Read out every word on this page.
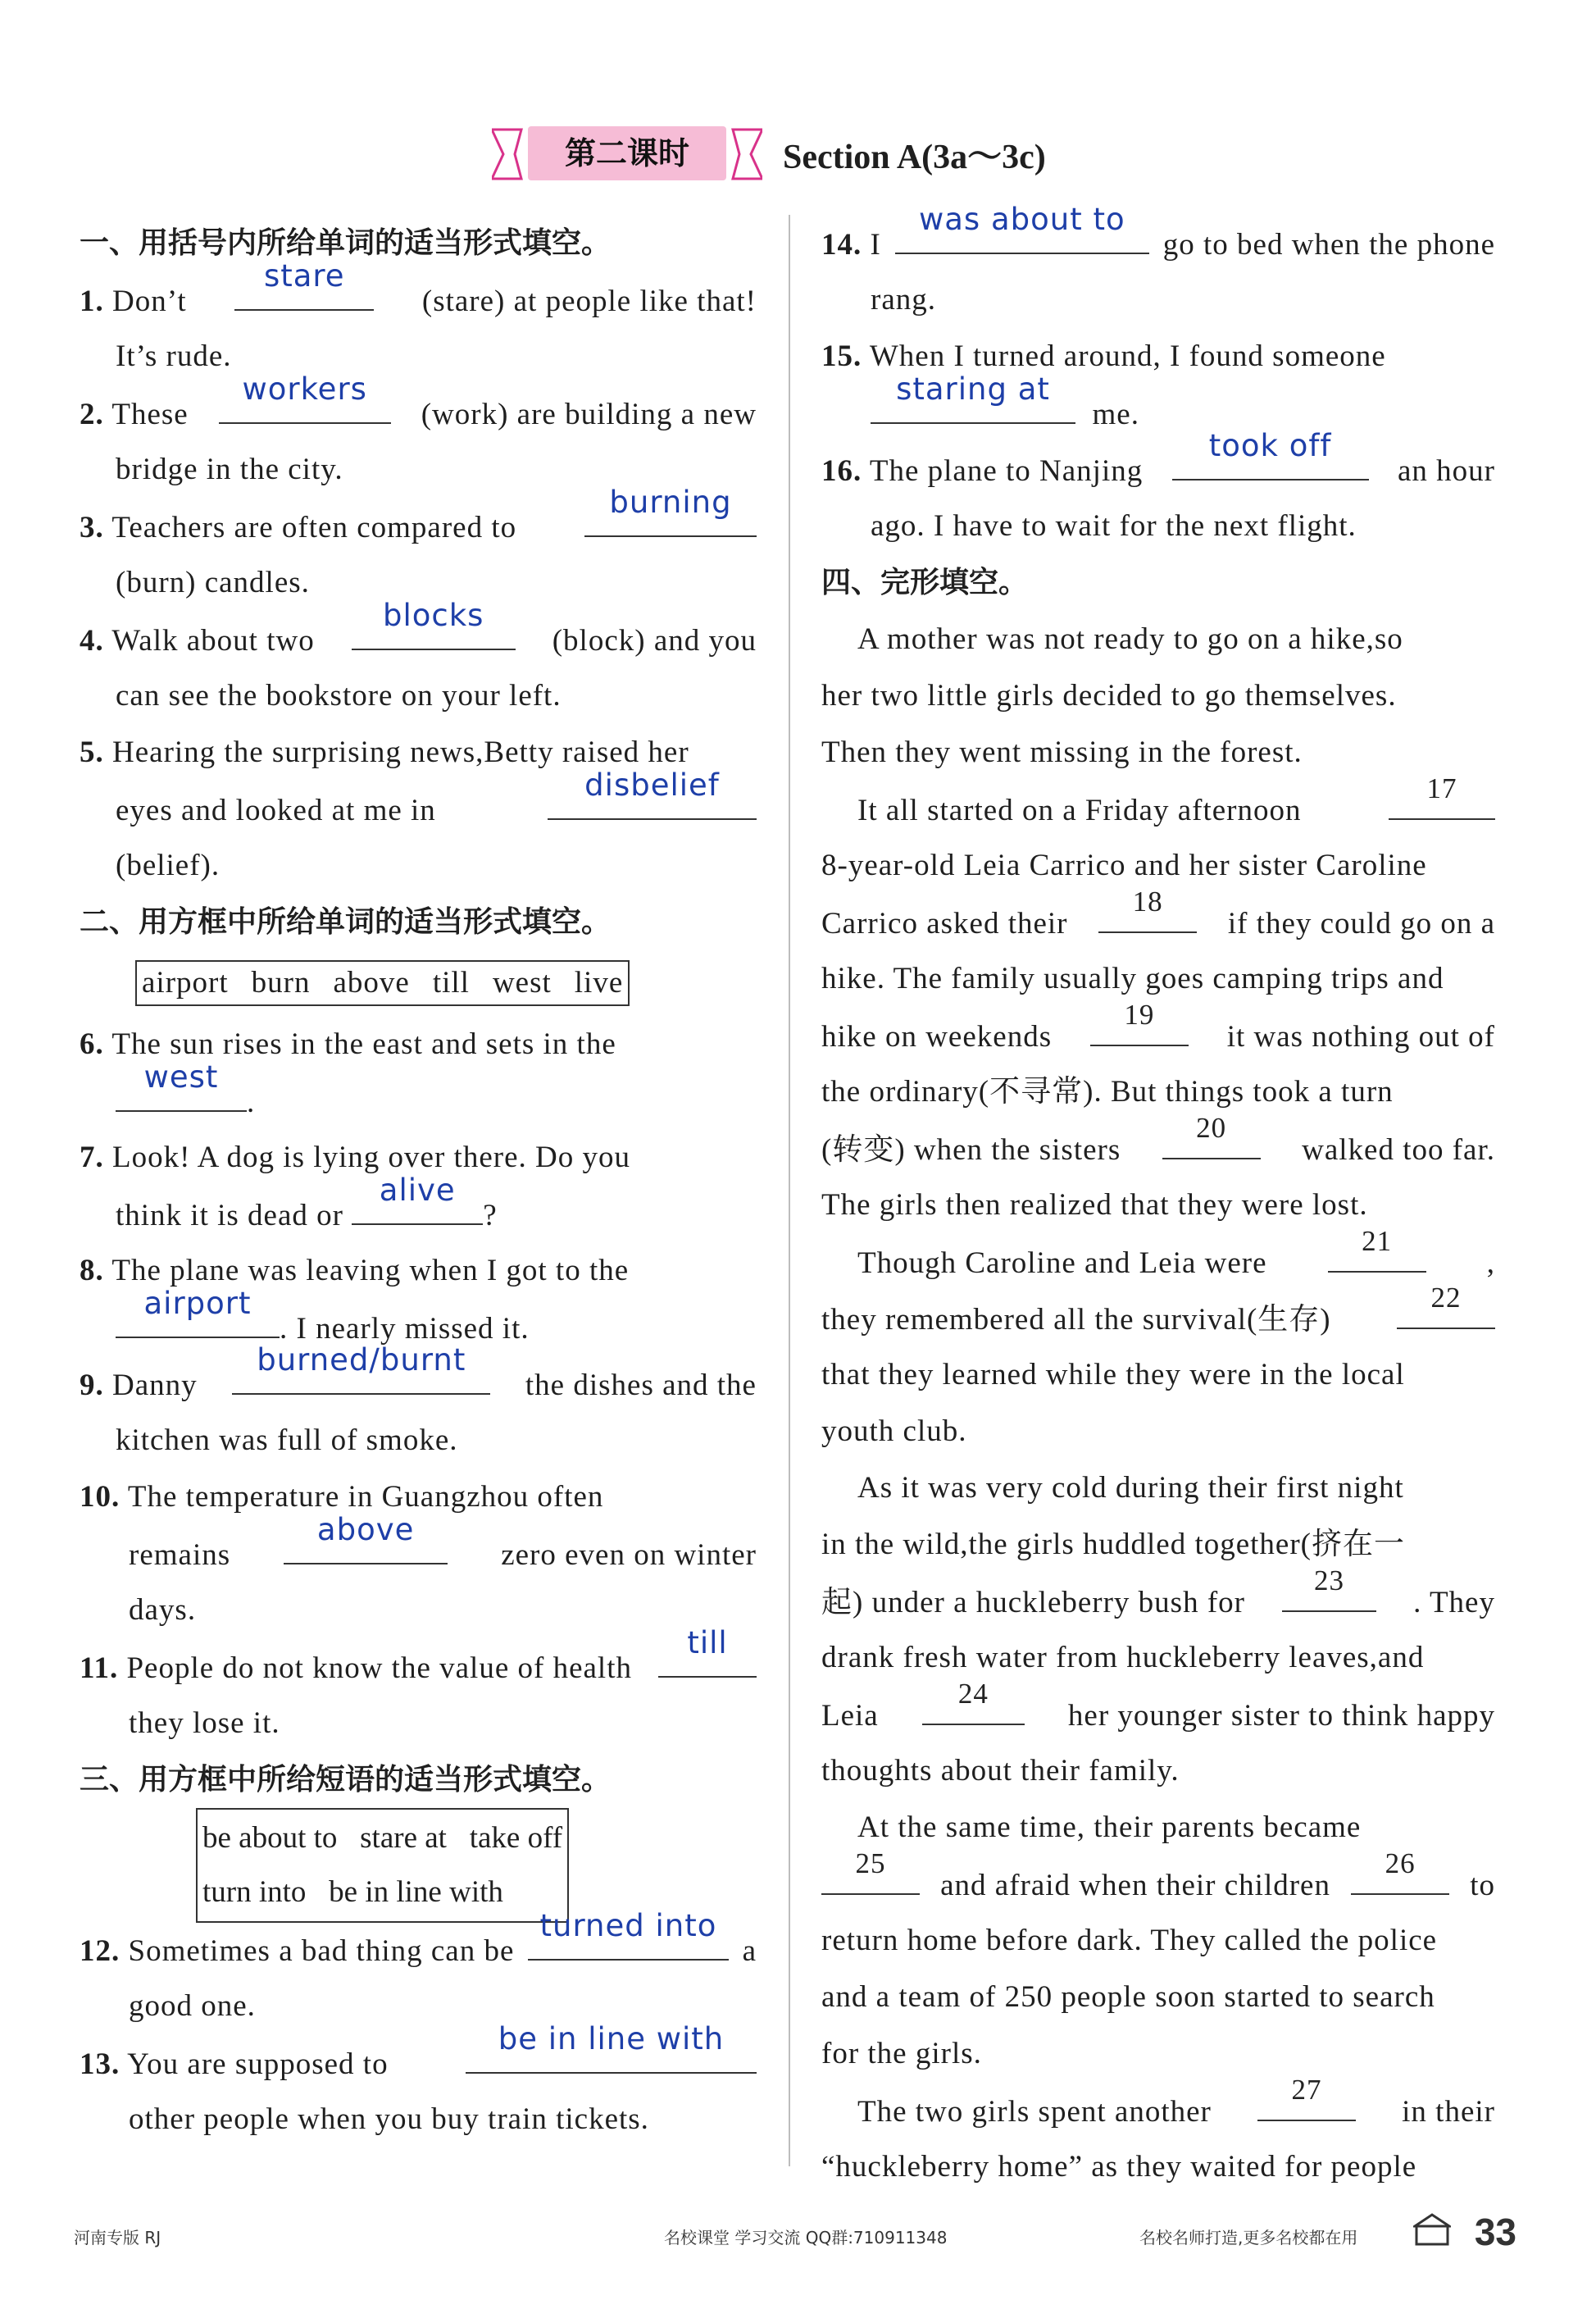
第二课时	Section A(3a～3c)
一、用括号内所给单词的适当形式填空。
1. Don’t
stare
(stare) at people like that!
It’s rude.
2. These
workers
(work) are building a new
bridge in the city.
3. Teachers are often compared to
burning
(burn) candles.
4. Walk about two
blocks
(block) and you
can see the bookstore on your left.
5. Hearing the surprising news,Betty raised her
eyes and looked at me in
disbelief
(belief).
二、用方框中所给单词的适当形式填空。
airport burn above till west live
6. The sun rises in the east and sets in the
west
.
7. Look! A dog is lying over there. Do you
think it is dead or
alive
?
8. The plane was leaving when I got to the
airport
. I nearly missed it.
9. Danny
burned/burnt
the dishes and the
kitchen was full of smoke.
10. The temperature in Guangzhou often
remains
above
zero even on winter
days.
11. People do not know the value of health
till
they lose it.
三、用方框中所给短语的适当形式填空。
be about to stare at take off
turn into be in line with
12. Sometimes a bad thing can be
turned into
a
good one.
13. You are supposed to
be in line with
other people when you buy train tickets.
14. I
was about to
go to bed when the phone
rang.
15. When I turned around, I found someone
staring at
me.
16. The plane to Nanjing
took off
an hour
ago. I have to wait for the next flight.
四、完形填空。
A mother was not ready to go on a hike,so
her two little girls decided to go themselves.
Then they went missing in the forest.
It all started on a Friday afternoon
17
8-year-old Leia Carrico and her sister Caroline
Carrico asked their
18
if they could go on a
hike. The family usually goes camping trips and
hike on weekends
19
it was nothing out of
the ordinary(不寻常). But things took a turn
(转变) when the sisters
20
walked too far.
The girls then realized that they were lost.
Though Caroline and Leia were
21
,
they remembered all the survival(生存)
22
that they learned while they were in the local
youth club.
As it was very cold during their first night
in the wild,the girls huddled together(挤在一
起) under a huckleberry bush for
23
. They
drank fresh water from huckleberry leaves,and
Leia
24
her younger sister to think happy
thoughts about their family.
At the same time, their parents became
25
and afraid when their children
26
to
return home before dark. They called the police
and a team of 250 people soon started to search
for the girls.
The two girls spent another
27
in their
“huckleberry home” as they waited for people
河南专版 RJ	名校课堂 学习交流 QQ群:710911348	名校名师打造,更多名校都在用	33
